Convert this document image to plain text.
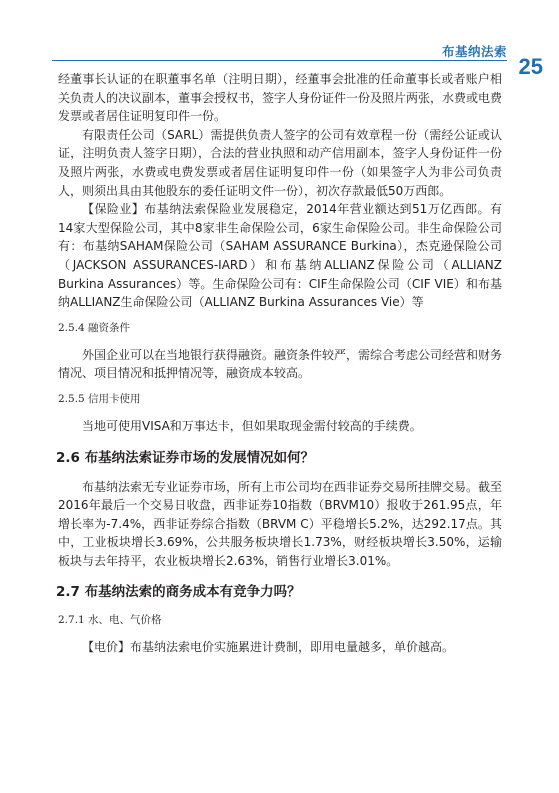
布基纳法索
25

经董事长认证的在职董事名单（注明日期），经董事会批准的任命董事长或者账户相关负责人的决议副本，董事会授权书，签字人身份证件一份及照片两张，水费或电费发票或者居住证明复印件一份。

有限责任公司（SARL）需提供负责人签字的公司有效章程一份（需经公证或认证，注明负责人签字日期），合法的营业执照和动产信用副本，签字人身份证件一份及照片两张，水费或电费发票或者居住证明复印件一份（如果签字人为非公司负责人，则须出具由其他股东的委任证明文件一份），初次存款最低50万西郎。

【保险业】布基纳法索保险业发展稳定，2014年营业额达到51万亿西郎。有14家大型保险公司，其中8家非生命保险公司，6家生命保险公司。非生命保险公司有：布基纳SAHAM保险公司（SAHAM ASSURANCE Burkina），杰克逊保险公司（JACKSON ASSURANCES-IARD）和布基纳ALLIANZ保险公司（ALLIANZ Burkina Assurances）等。生命保险公司有：CIF生命保险公司（CIF VIE）和布基纳ALLIANZ生命保险公司（ALLIANZ Burkina Assurances Vie）等

2.5.4 融资条件

外国企业可以在当地银行获得融资。融资条件较严，需综合考虑公司经营和财务情况、项目情况和抵押情况等，融资成本较高。

2.5.5 信用卡使用

当地可使用VISA和万事达卡，但如果取现金需付较高的手续费。

2.6 布基纳法索证券市场的发展情况如何？

布基纳法索无专业证券市场，所有上市公司均在西非证券交易所挂牌交易。截至2016年最后一个交易日收盘，西非证券10指数（BRVM10）报收于261.95点，年增长率为-7.4%，西非证券综合指数（BRVM C）平稳增长5.2%，达292.17点。其中，工业板块增长3.69%，公共服务板块增长1.73%，财经板块增长3.50%，运输板块与去年持平，农业板块增长2.63%，销售行业增长3.01%。

2.7 布基纳法索的商务成本有竞争力吗？
2.7.1 水、电、气价格

【电价】布基纳法索电价实施累进计费制，即用电量越多，单价越高。
